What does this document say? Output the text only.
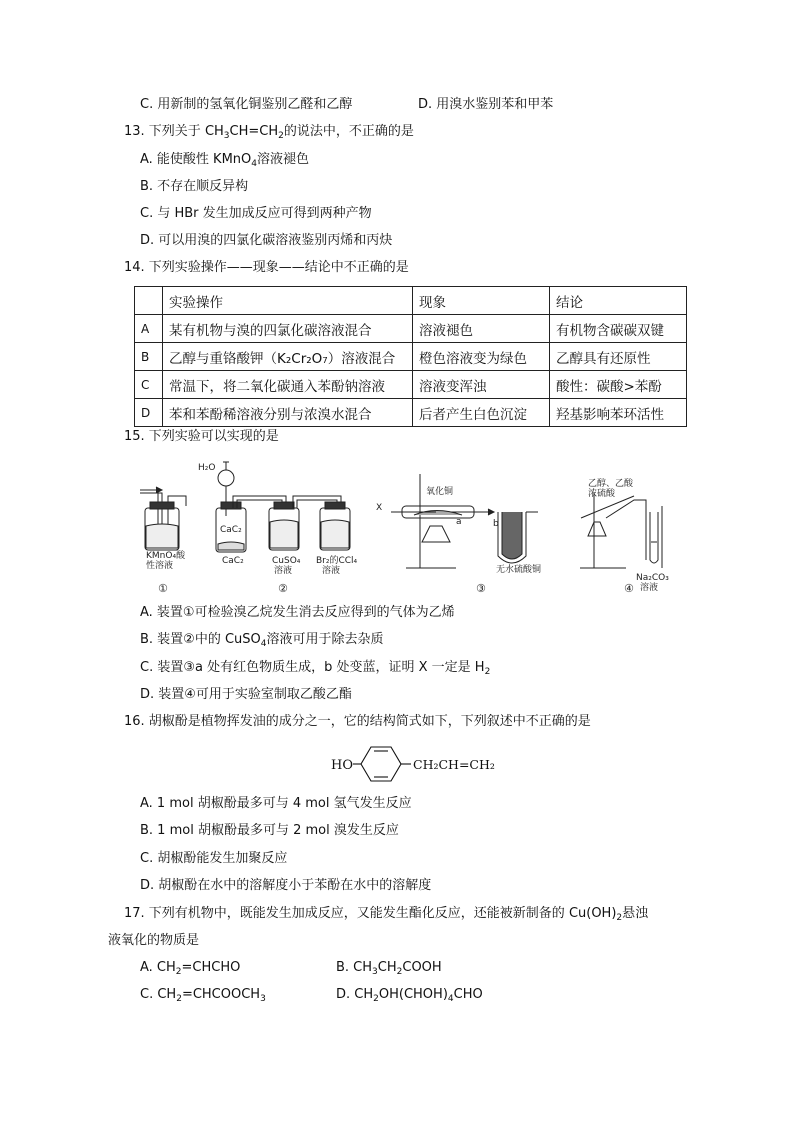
C. 用新制的氢氧化铜鉴别乙醛和乙醇	D. 用溴水鉴别苯和甲苯
13. 下列关于 $CH_3CH=CH_2$的说法中，不正确的是
A. 能使酸性 KMnO$_4$溶液褪色
B. 不存在顺反异构
C. 与 HBr 发生加成反应可得到两种产物
D. 可以用溴的四氯化碳溶液鉴别丙烯和丙炔
14. 下列实验操作——现象——结论中不正确的是
	实验操作	现象	结论
A	某有机物与溴的四氯化碳溶液混合	溶液褪色	有机物含碳碳双键
B	乙醇与重铬酸钾（K₂Cr₂O₇）溶液混合	橙色溶液变为绿色	乙醇具有还原性
C	常温下，将二氧化碳通入苯酚钠溶液	溶液变浑浊	酸性：碳酸>苯酚
D	苯和苯酚稀溶液分别与浓溴水混合	后者产生白色沉淀	羟基影响苯环活性
15. 下列实验可以实现的是
KMnO₄酸
性溶液
①
H₂O
CaC₂
CaC₂	CuSO₄
溶液
②
Br₂的CCl₄
溶液
X
氧化铜
a	b
无水硫酸铜
③
乙醇、乙酸
浓硫酸
Na₂CO₃
溶液
④
A. 装置①可检验溴乙烷发生消去反应得到的气体为乙烯
B. 装置②中的 CuSO$_4$溶液可用于除去杂质
C. 装置③a 处有红色物质生成，b 处变蓝，证明 X 一定是 $H_2$
D. 装置④可用于实验室制取乙酸乙酯
16. 胡椒酚是植物挥发油的成分之一，它的结构简式如下，下列叙述中不正确的是
HO	CH₂CH=CH₂
A. 1 mol 胡椒酚最多可与 4 mol 氢气发生反应
B. 1 mol 胡椒酚最多可与 2 mol 溴发生反应
C. 胡椒酚能发生加聚反应
D. 胡椒酚在水中的溶解度小于苯酚在水中的溶解度
17. 下列有机物中，既能发生加成反应，又能发生酯化反应，还能被新制备的 $Cu(OH)_2$悬浊
液氧化的物质是
A. $CH_2=CHCHO$	B. $CH_3CH_2COOH$
C. $CH_2=CHCOOCH_3$	D. $CH_2OH(CHOH)_4CHO$
